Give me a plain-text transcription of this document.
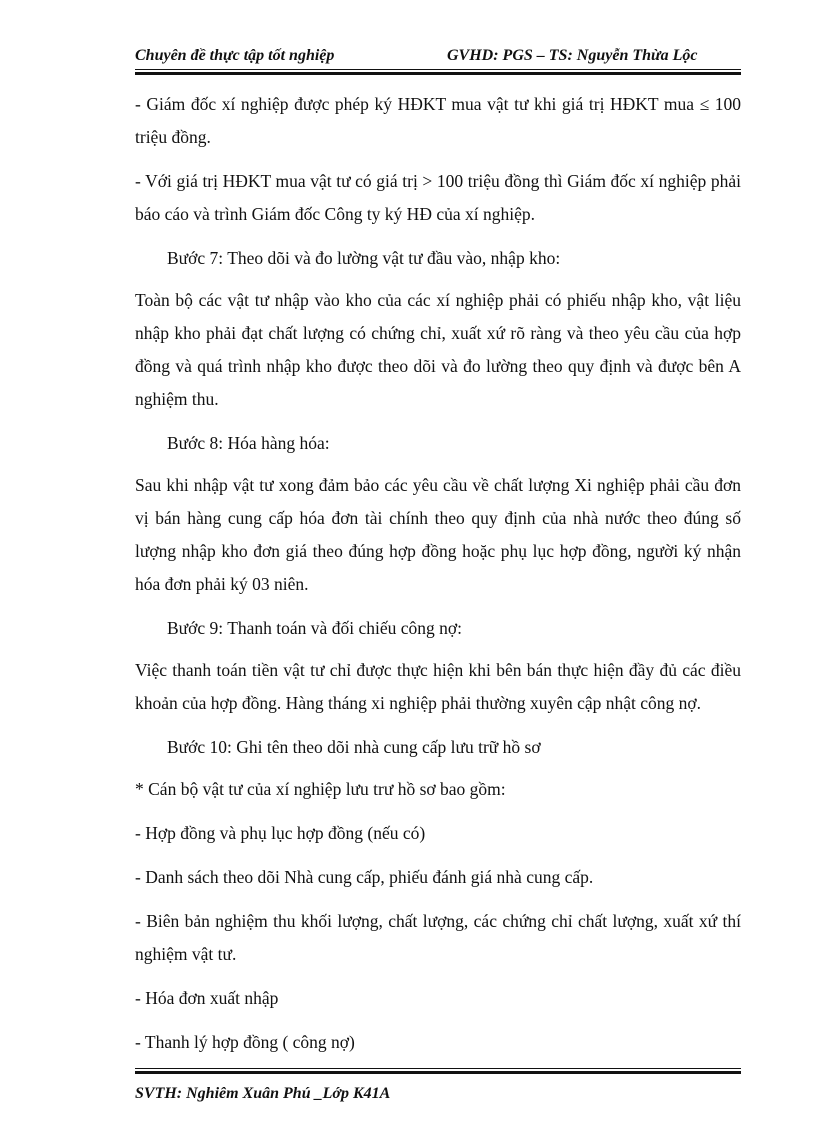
Chuyên đề thực tập tốt nghiệp	GVHD: PGS – TS: Nguyễn Thừa Lộc

- Giám đốc xí nghiệp được phép ký HĐKT mua vật tư khi giá trị HĐKT mua ≤ 100 triệu đồng.

- Với giá trị HĐKT mua vật tư có giá trị > 100 triệu đồng thì Giám đốc xí nghiệp phải báo cáo và trình Giám đốc Công ty ký HĐ của xí nghiệp.

Bước 7: Theo dõi và đo lường vật tư đầu vào, nhập kho:

Toàn bộ các vật tư nhập vào kho của các xí nghiệp phải có phiếu nhập kho, vật liệu nhập kho phải đạt chất lượng có chứng chỉ, xuất xứ rõ ràng và theo yêu cầu của hợp đồng và quá trình nhập kho được theo dõi và đo lường theo quy định và được bên A nghiệm thu.

Bước 8: Hóa hàng hóa:

Sau khi nhập vật tư xong đảm bảo các yêu cầu về chất lượng Xi nghiệp phải cầu đơn vị bán hàng cung cấp hóa đơn tài chính theo quy định của nhà nước theo đúng số lượng nhập kho đơn giá theo đúng hợp đồng hoặc phụ lục hợp đồng, người ký nhận hóa đơn phải ký 03 niên.

Bước 9: Thanh toán và đối chiếu công nợ:

Việc thanh toán tiền vật tư chỉ được thực hiện khi bên bán thực hiện đầy đủ các điều khoản của hợp đồng. Hàng tháng xi nghiệp phải thường xuyên cập nhật công nợ.

Bước 10: Ghi tên theo dõi nhà cung cấp lưu trữ hồ sơ

* Cán bộ vật tư của xí nghiệp lưu trư hồ sơ bao gồm:

- Hợp đồng và phụ lục hợp đồng (nếu có)

- Danh sách theo dõi Nhà cung cấp, phiếu đánh giá nhà cung cấp.

- Biên bản nghiệm thu khối lượng, chất lượng, các chứng chỉ chất lượng, xuất xứ thí nghiệm vật tư.

- Hóa đơn xuất nhập

- Thanh lý hợp đồng ( công nợ)

SVTH: Nghiêm Xuân Phú _Lớp K41A
